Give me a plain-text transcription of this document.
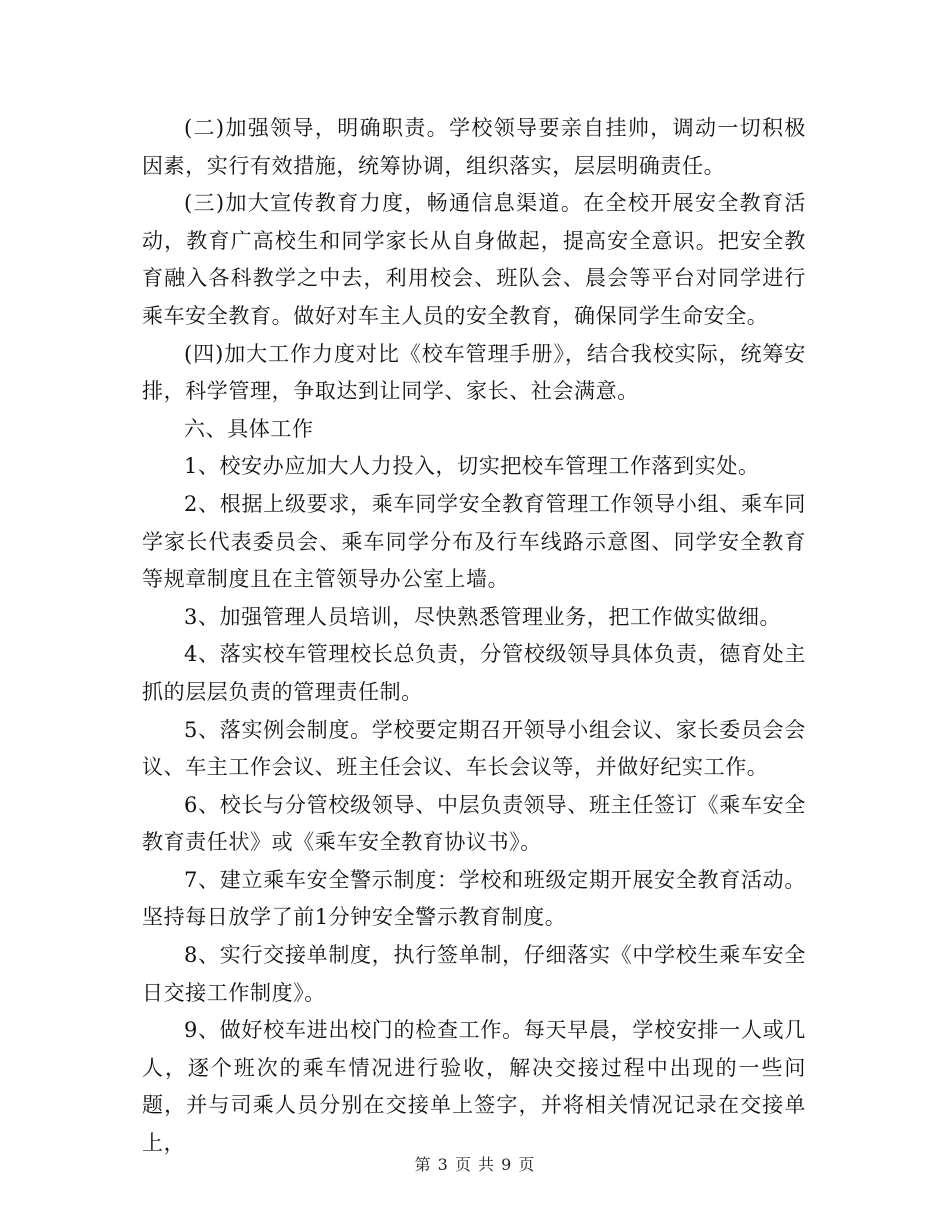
(二)加强领导，明确职责。学校领导要亲自挂帅，调动一切积极因素，实行有效措施，统筹协调，组织落实，层层明确责任。

(三)加大宣传教育力度，畅通信息渠道。在全校开展安全教育活动，教育广高校生和同学家长从自身做起，提高安全意识。把安全教育融入各科教学之中去，利用校会、班队会、晨会等平台对同学进行乘车安全教育。做好对车主人员的安全教育，确保同学生命安全。

(四)加大工作力度对比《校车管理手册》，结合我校实际，统筹安排，科学管理，争取达到让同学、家长、社会满意。

六、具体工作

1、校安办应加大人力投入，切实把校车管理工作落到实处。

2、根据上级要求，乘车同学安全教育管理工作领导小组、乘车同学家长代表委员会、乘车同学分布及行车线路示意图、同学安全教育等规章制度且在主管领导办公室上墙。

3、加强管理人员培训，尽快熟悉管理业务，把工作做实做细。

4、落实校车管理校长总负责，分管校级领导具体负责，德育处主抓的层层负责的管理责任制。

5、落实例会制度。学校要定期召开领导小组会议、家长委员会会议、车主工作会议、班主任会议、车长会议等，并做好纪实工作。

6、校长与分管校级领导、中层负责领导、班主任签订《乘车安全教育责任状》或《乘车安全教育协议书》。

7、建立乘车安全警示制度：学校和班级定期开展安全教育活动。坚持每日放学了前1分钟安全警示教育制度。

8、实行交接单制度，执行签单制，仔细落实《中学校生乘车安全日交接工作制度》。

9、做好校车进出校门的检查工作。每天早晨，学校安排一人或几人，逐个班次的乘车情况进行验收，解决交接过程中出现的一些问题，并与司乘人员分别在交接单上签字，并将相关情况记录在交接单上，

第 3 页 共 9 页
